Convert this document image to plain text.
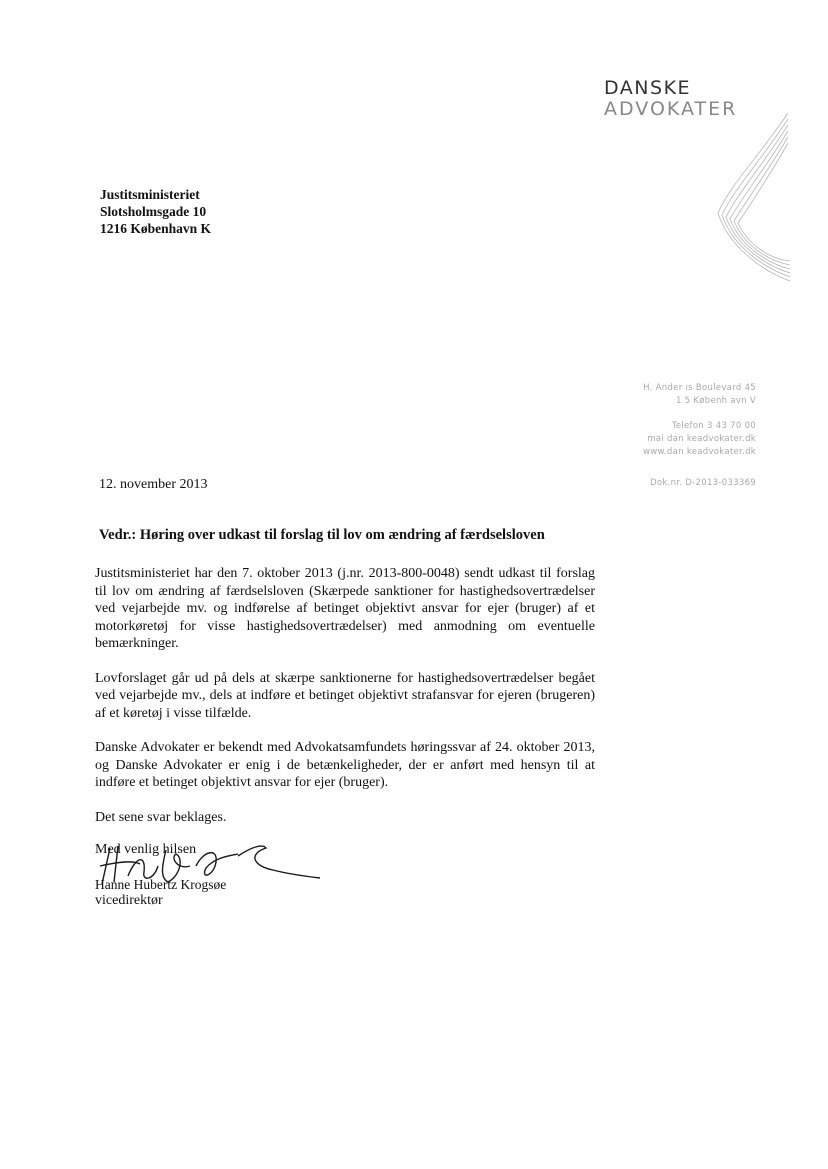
DANSKE
ADVOKATER
Justitsministeriet
Slotsholmsgade 10
1216 København K
H. Ander ıs Boulevard 45
1 5 Københ avn V
Telefon 3 43 70 00
mai dan keadvokater.dk
www.dan keadvokater.dk
Dok.nr. D-2013-033369
12. november 2013
Vedr.: Høring over udkast til forslag til lov om ændring af færdselsloven

Justitsministeriet har den 7. oktober 2013 (j.nr. 2013-800-0048) sendt udkast til forslag til lov om ændring af færdselsloven (Skærpede sanktioner for hastighedsovertrædelser ved vejarbejde mv. og indførelse af betinget objektivt ansvar for ejer (bruger) af et motorkøretøj for visse hastighedsovertrædelser) med anmodning om eventuelle bemærkninger.

Lovforslaget går ud på dels at skærpe sanktionerne for hastighedsovertrædelser begået ved vejarbejde mv., dels at indføre et betinget objektivt strafansvar for ejeren (brugeren) af et køretøj i visse tilfælde.

Danske Advokater er bekendt med Advokatsamfundets høringssvar af 24. oktober 2013, og Danske Advokater er enig i de betænkeligheder, der er anført med hensyn til at indføre et betinget objektivt ansvar for ejer (bruger).

Det sene svar beklages.

Med venlig hilsen
Hanne Hubertz Krogsøe
vicedirektør
